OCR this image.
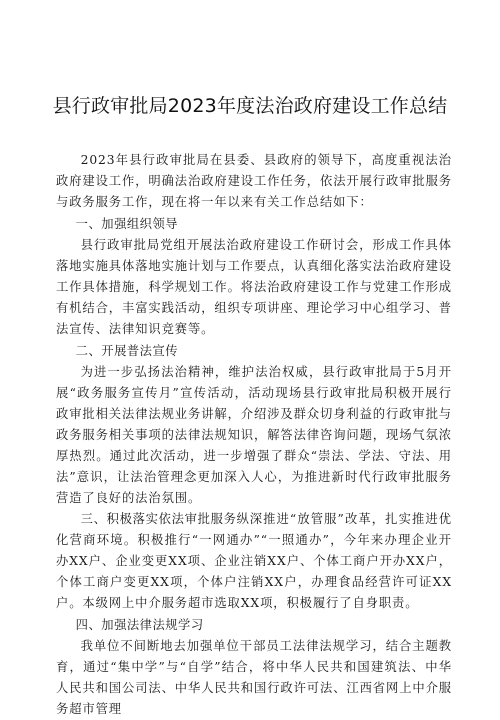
县行政审批局2023年度法治政府建设工作总结

2023年县行政审批局在县委、县政府的领导下，高度重视法治政府建设工作，明确法治政府建设工作任务，依法开展行政审批服务与政务服务工作，现在将一年以来有关工作总结如下：

一、加强组织领导

县行政审批局党组开展法治政府建设工作研讨会，形成工作具体落地实施具体落地实施计划与工作要点，认真细化落实法治政府建设工作具体措施，科学规划工作。将法治政府建设工作与党建工作形成有机结合，丰富实践活动，组织专项讲座、理论学习中心组学习、普法宣传、法律知识竞赛等。

二、开展普法宣传

为进一步弘扬法治精神，维护法治权威，县行政审批局于5月开展“政务服务宣传月”宣传活动，活动现场县行政审批局积极开展行政审批相关法律法规业务讲解，介绍涉及群众切身利益的行政审批与政务服务相关事项的法律法规知识，解答法律咨询问题，现场气氛浓厚热烈。通过此次活动，进一步增强了群众“崇法、学法、守法、用法”意识，让法治管理念更加深入人心，为推进新时代行政审批服务营造了良好的法治氛围。

三、积极落实依法审批服务纵深推进“放管服”改革，扎实推进优化营商环境。积极推行“一网通办”“一照通办”，今年来办理企业开办XX户、企业变更XX项、企业注销XX户、个体工商户开办XX户，个体工商户变更XX项，个体户注销XX户，办理食品经营许可证XX户。本级网上中介服务超市选取XX项，积极履行了自身职责。

四、加强法律法规学习

我单位不间断地去加强单位干部员工法律法规学习，结合主题教育，通过“集中学”与“自学”结合，将中华人民共和国建筑法、中华人民共和国公司法、中华人民共和国行政许可法、江西省网上中介服务超市管理
